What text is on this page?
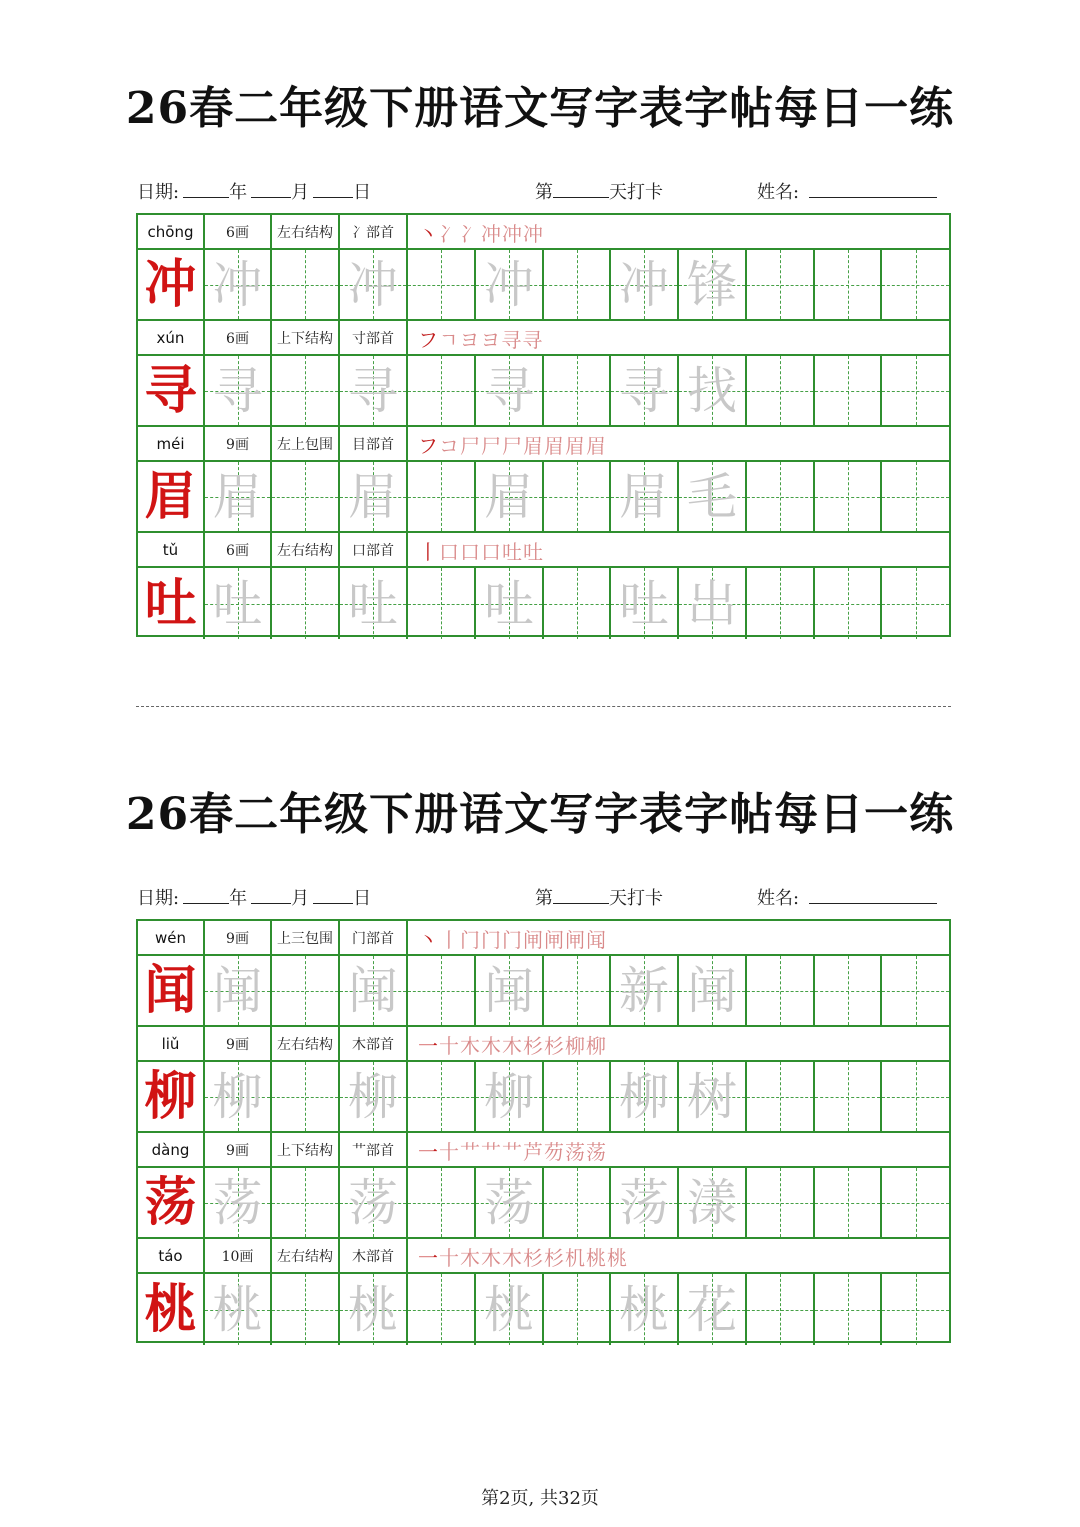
26春二年级下册语文写字表字帖每日一练
日期:	年 月 日	第	天打卡	姓名:
chōng 6画 左右结构 冫部首 丶 冫 冫 冲 冲 冲
冲 冲 冲 冲 冲 锋
xún	6画 上下结构 寸部首 フ ㄱ ヨ ヨ 寻 寻
寻 寻 寻 寻 寻 找
méi	9画 左上包围 目部首 フ コ 尸 尸 尸 眉 眉 眉 眉
眉 眉 眉 眉 眉 毛
tǔ	6画 左右结构 口部首 丨 口 口 口 吐 吐
吐 吐 吐 吐 吐 出
26春二年级下册语文写字表字帖每日一练
日期:	年 月 日	第	天打卡	姓名:
wén	9画 上三包围 门部首 丶 丨 门 门 门 闸 闸 闸 闻
闻 闻 闻 闻 新 闻
liǔ	9画 左右结构 木部首 一 十 木 木 木 杉 杉 柳 柳
柳 柳 柳 柳 柳 树
dàng	9画 上下结构 艹部首 一 十 艹 艹 艹 芦 芴 荡 荡
荡 荡 荡 荡 荡 漾
táo	10画 左右结构 木部首 一 十 木 木 木 杉 杉 机 桃 桃
桃 桃 桃 桃 桃 花
第2页, 共32页
